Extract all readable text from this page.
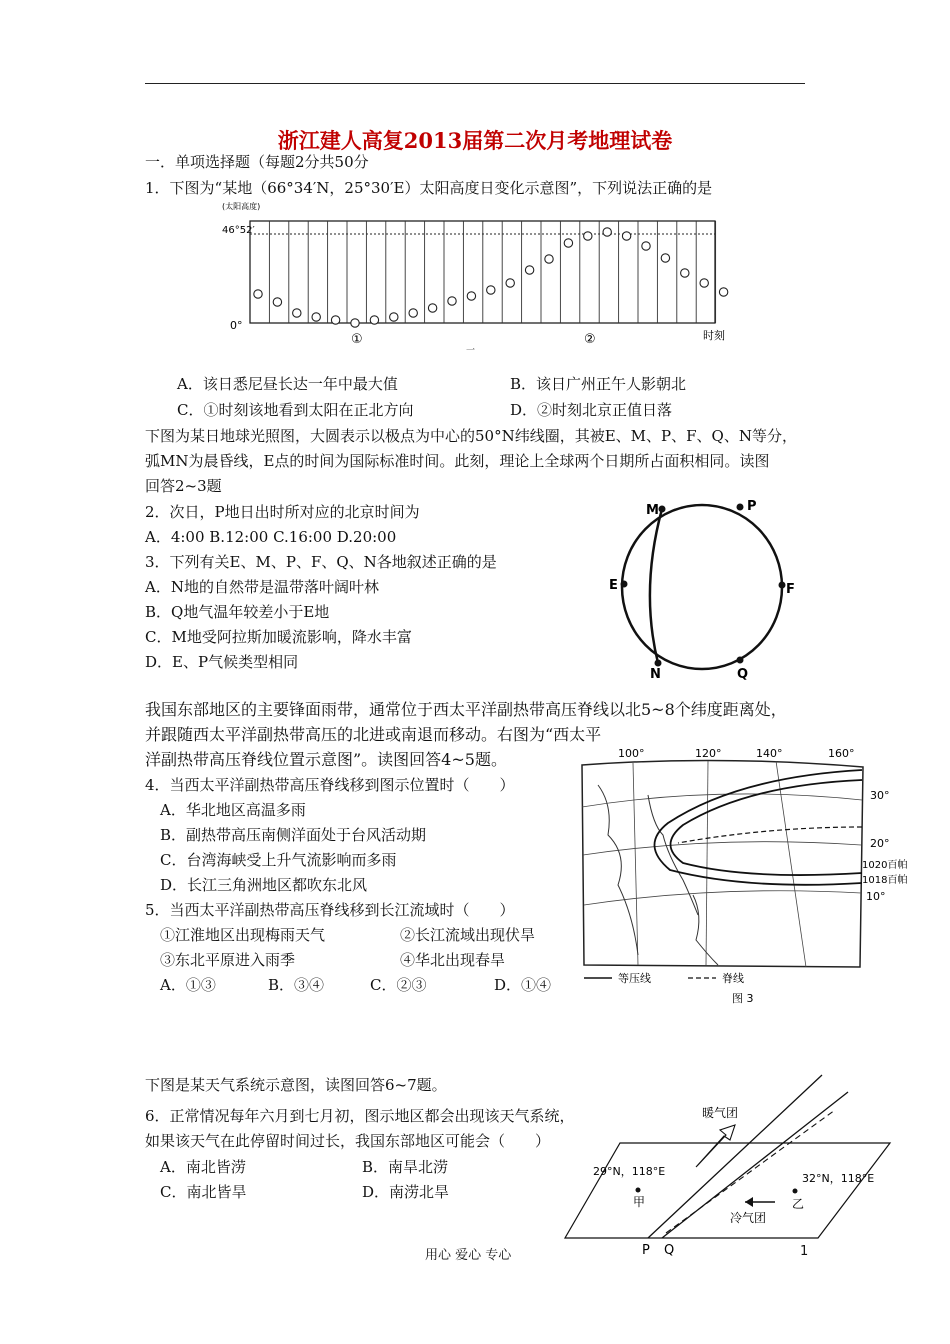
浙江建人高复2013届第二次月考地理试卷
一．单项选择题（每题2分共50分
1．下图为“某地（66°34′N，25°30′E）太阳高度日变化示意图”，下列说法正确的是
(太阳高度)
46°52′
0°
①	②	时刻
一
A．该日悉尼昼长达一年中最大值	B．该日广州正午人影朝北
C．①时刻该地看到太阳在正北方向	D．②时刻北京正值日落
下图为某日地球光照图，大圆表示以极点为中心的50°N纬线圈，其被E、M、P、F、Q、N等分，
弧MN为晨昏线，E点的时间为国际标准时间。此刻，理论上全球两个日期所占面积相同。读图
回答2~3题
2．次日，P地日出时所对应的北京时间为
A．4:00 B.12:00 C.16:00 D.20:00
3．下列有关E、M、P、F、Q、N各地叙述正确的是
A．N地的自然带是温带落叶阔叶林
B．Q地气温年较差小于E地
C．M地受阿拉斯加暖流影响，降水丰富
D．E、P气候类型相同
M	P
E	F
N	Q
我国东部地区的主要锋面雨带，通常位于西太平洋副热带高压脊线以北5~8个纬度距离处，
并跟随西太平洋副热带高压的北进或南退而移动。右图为“西太平
洋副热带高压脊线位置示意图”。读图回答4~5题。
4．当西太平洋副热带高压脊线移到图示位置时（　　）
A．华北地区高温多雨
B．副热带高压南侧洋面处于台风活动期
C．台湾海峡受上升气流影响而多雨
D．长江三角洲地区都吹东北风
5．当西太平洋副热带高压脊线移到长江流域时（　　）
①江淮地区出现梅雨天气	②长江流域出现伏旱
③东北平原进入雨季	④华北出现春旱
A．①③	B．③④	C．②③	D．①④
100°	120°	140°	160°
30°
20°
10°
1020百帕
1018百帕
等压线	脊线
图 3
下图是某天气系统示意图，读图回答6~7题。
6．正常情况每年六月到七月初，图示地区都会出现该天气系统，
如果该天气在此停留时间过长，我国东部地区可能会（　　）
A．南北皆涝	B．南旱北涝
C．南北皆旱	D．南涝北旱
暖气团
冷气团
29°N，118°E
32°N，118°E
甲	乙
P Q
用心 爱心 专心	1
